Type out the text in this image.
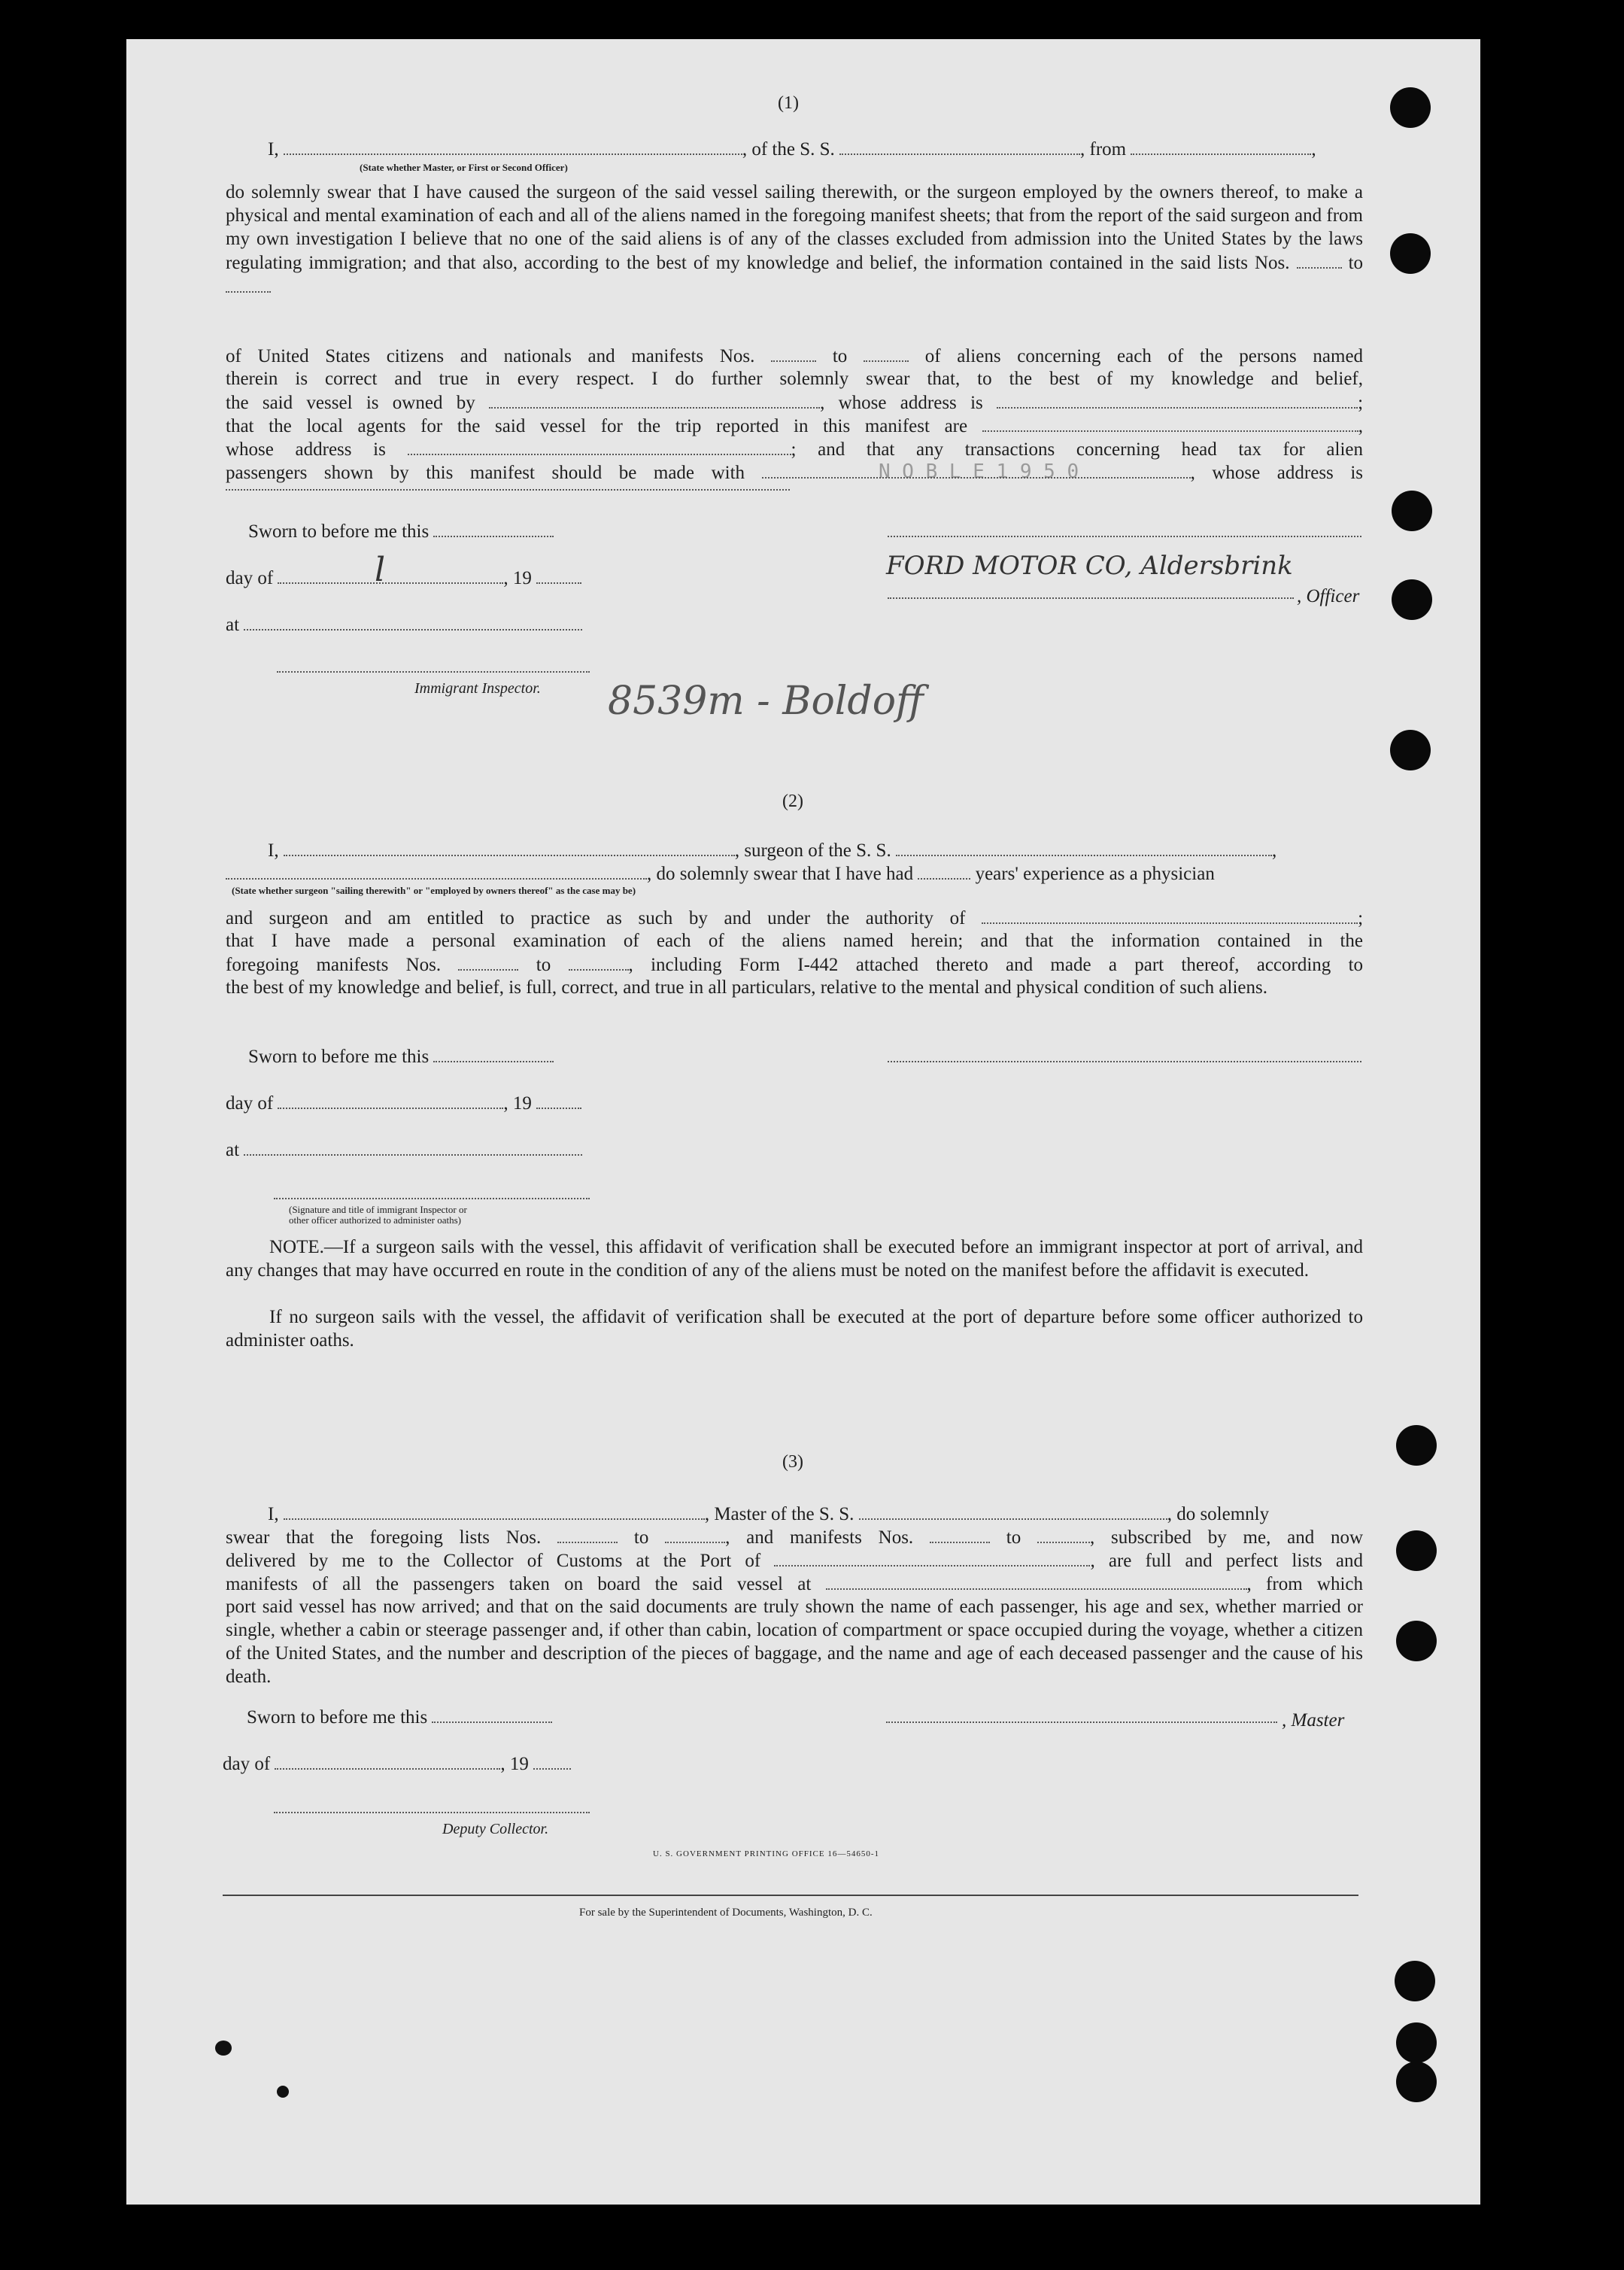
N O B L E 1 9 5 0
(1)
I,	, of the S. S.	, from	,
(State whether Master, or First or Second Officer)
do solemnly swear that I have caused the surgeon of the said vessel sailing therewith, or the surgeon employed by the owners thereof, to make a physical and mental examination of each and all of the aliens named in the foregoing manifest sheets; that from the report of the said surgeon and from my own investigation I believe that no one of the said aliens is of any of the classes excluded from admission into the United States by the laws regulating immigration; and that also, according to the best of my knowledge and belief, the information contained in the said lists Nos.	to
of United States citizens and nationals and manifests Nos.	to	of aliens concerning each of the persons named
therein is correct and true in every respect. I do further solemnly swear that, to the best of my knowledge and belief,
the said vessel is owned by	, whose address is	;
that the local agents for the said vessel for the trip reported in this manifest are	,
whose address is	; and that any transactions concerning head tax for alien
passengers shown by this manifest should be made with	, whose address is
Sworn to before me this
day of	, 19
l	FORD MOTOR CO, Aldersbrink
, Officer
at
Immigrant Inspector. 8539m - Boldoff
(2)
I,	, surgeon of the S. S.	,
, do solemnly swear that I have had	years' experience as a physician
(State whether surgeon "sailing therewith" or "employed by owners thereof" as the case may be)
and surgeon and am entitled to practice as such by and under the authority of	;
that I have made a personal examination of each of the aliens named herein; and that the information contained in the
foregoing manifests Nos.	to	, including Form I-442 attached thereto and made a part thereof, according to
the best of my knowledge and belief, is full, correct, and true in all particulars, relative to the mental and physical condition of such aliens.
Sworn to before me this
day of	, 19
at
(Signature and title of immigrant Inspector or
other officer authorized to administer oaths)
NOTE.—If a surgeon sails with the vessel, this affidavit of verification shall be executed before an immigrant inspector at port of arrival, and any changes that may have occurred en route in the condition of any of the aliens must be noted on the manifest before the affidavit is executed.
If no surgeon sails with the vessel, the affidavit of verification shall be executed at the port of departure before some officer authorized to administer oaths.
(3)
I,	, Master of the S. S.	, do solemnly
swear that the foregoing lists Nos.	to	, and manifests Nos.	to	, subscribed by me, and now
delivered by me to the Collector of Customs at the Port of	, are full and perfect lists and
manifests of all the passengers taken on board the said vessel at	, from which
port said vessel has now arrived; and that on the said documents are truly shown the name of each passenger, his age and sex, whether married or single, whether a cabin or steerage passenger and, if other than cabin, location of compartment or space occupied during the voyage, whether a citizen of the United States, and the number and description of the pieces of baggage, and the name and age of each deceased passenger and the cause of his death.
Sworn to before me this	, Master
day of	, 19
Deputy Collector.
U. S. GOVERNMENT PRINTING OFFICE 16—54650-1
For sale by the Superintendent of Documents, Washington, D. C.
